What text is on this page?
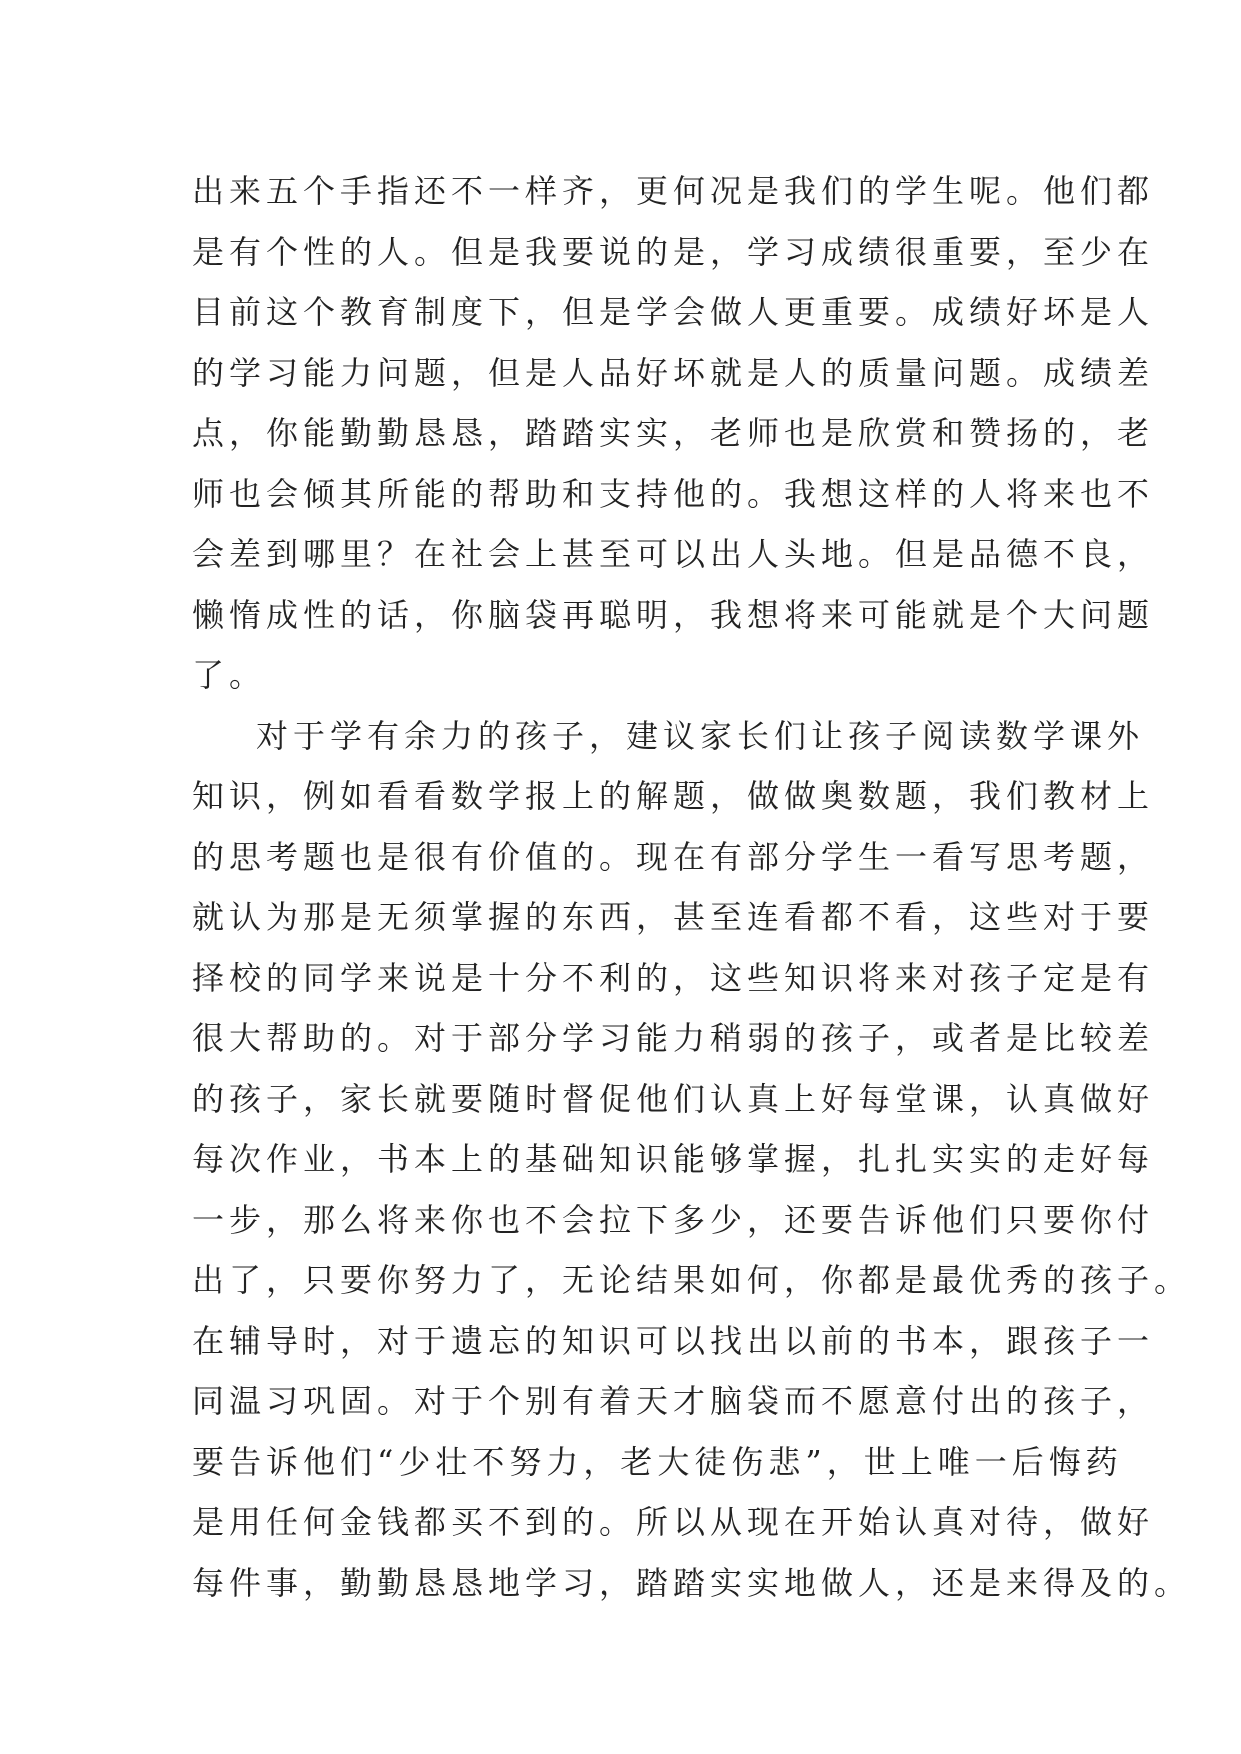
出来五个手指还不一样齐，更何况是我们的学生呢。他们都
是有个性的人。但是我要说的是，学习成绩很重要，至少在
目前这个教育制度下，但是学会做人更重要。成绩好坏是人
的学习能力问题，但是人品好坏就是人的质量问题。成绩差
点，你能勤勤恳恳，踏踏实实，老师也是欣赏和赞扬的，老
师也会倾其所能的帮助和支持他的。我想这样的人将来也不
会差到哪里？在社会上甚至可以出人头地。但是品德不良，
懒惰成性的话，你脑袋再聪明，我想将来可能就是个大问题
了。
对于学有余力的孩子，建议家长们让孩子阅读数学课外
知识，例如看看数学报上的解题，做做奥数题，我们教材上
的思考题也是很有价值的。现在有部分学生一看写思考题，
就认为那是无须掌握的东西，甚至连看都不看，这些对于要
择校的同学来说是十分不利的，这些知识将来对孩子定是有
很大帮助的。对于部分学习能力稍弱的孩子，或者是比较差
的孩子，家长就要随时督促他们认真上好每堂课，认真做好
每次作业，书本上的基础知识能够掌握，扎扎实实的走好每
一步，那么将来你也不会拉下多少，还要告诉他们只要你付
出了，只要你努力了，无论结果如何，你都是最优秀的孩子。
在辅导时，对于遗忘的知识可以找出以前的书本，跟孩子一
同温习巩固。对于个别有着天才脑袋而不愿意付出的孩子，
要告诉他们“少壮不努力，老大徒伤悲”，世上唯一后悔药
是用任何金钱都买不到的。所以从现在开始认真对待，做好
每件事，勤勤恳恳地学习，踏踏实实地做人，还是来得及的。
